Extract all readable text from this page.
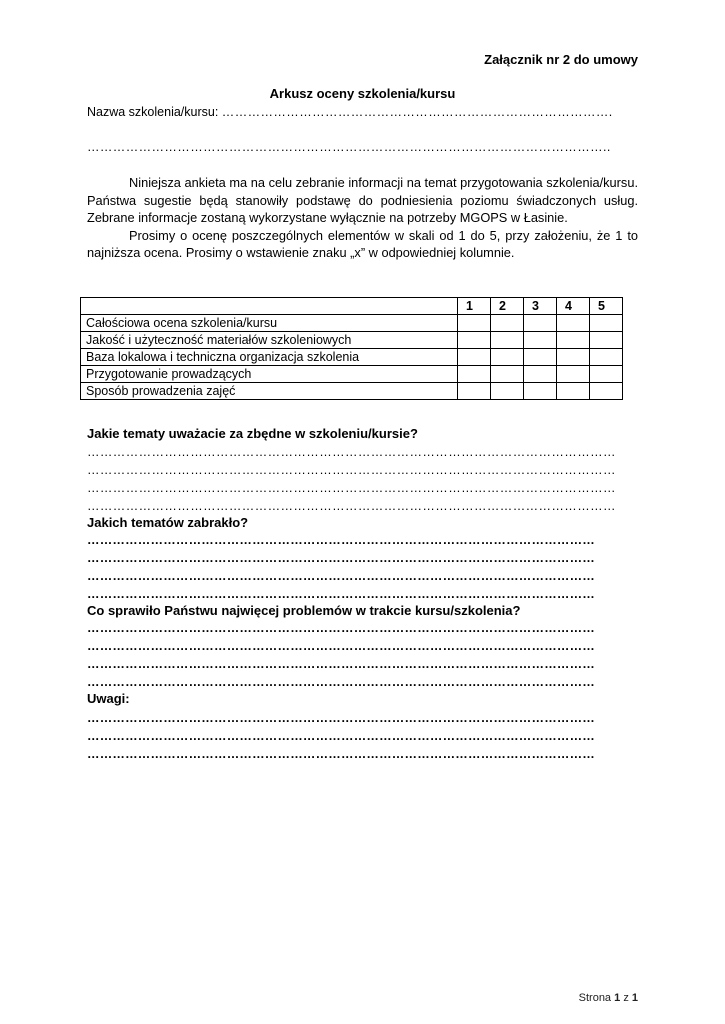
Załącznik nr 2 do umowy
Arkusz oceny szkolenia/kursu
Nazwa szkolenia/kursu: ……………………………………………………………………………….
…………………………………………………………………………………………………………..

Niniejsza ankieta ma na celu zebranie informacji na temat przygotowania szkolenia/kursu. Państwa sugestie będą stanowiły podstawę do podniesienia poziomu świadczonych usług. Zebrane informacje zostaną wykorzystane wyłącznie na potrzeby MGOPS w Łasinie.

Prosimy o ocenę poszczególnych elementów w skali od 1 do 5, przy założeniu, że 1 to najniższa ocena. Prosimy o wstawienie znaku „x” w odpowiedniej kolumnie.

	1	2	3	4	5
Całościowa ocena szkolenia/kursu					
Jakość i użyteczność materiałów szkoleniowych					
Baza lokalowa i techniczna organizacja szkolenia					
Przygotowanie prowadzących					
Sposób prowadzenia zajęć					
Jakie tematy uważacie za zbędne w szkoleniu/kursie?
……………………………………………………………………………………………………………
……………………………………………………………………………………………………………
……………………………………………………………………………………………………………
……………………………………………………………………………………………………………
Jakich tematów zabrakło?
…………………………………………………………………………………………………………
…………………………………………………………………………………………………………
…………………………………………………………………………………………………………
…………………………………………………………………………………………………………
Co sprawiło Państwu najwięcej problemów w trakcie kursu/szkolenia?
…………………………………………………………………………………………………………
…………………………………………………………………………………………………………
…………………………………………………………………………………………………………
…………………………………………………………………………………………………………
Uwagi:
…………………………………………………………………………………………………………
…………………………………………………………………………………………………………
…………………………………………………………………………………………………………
Strona 1 z 1
